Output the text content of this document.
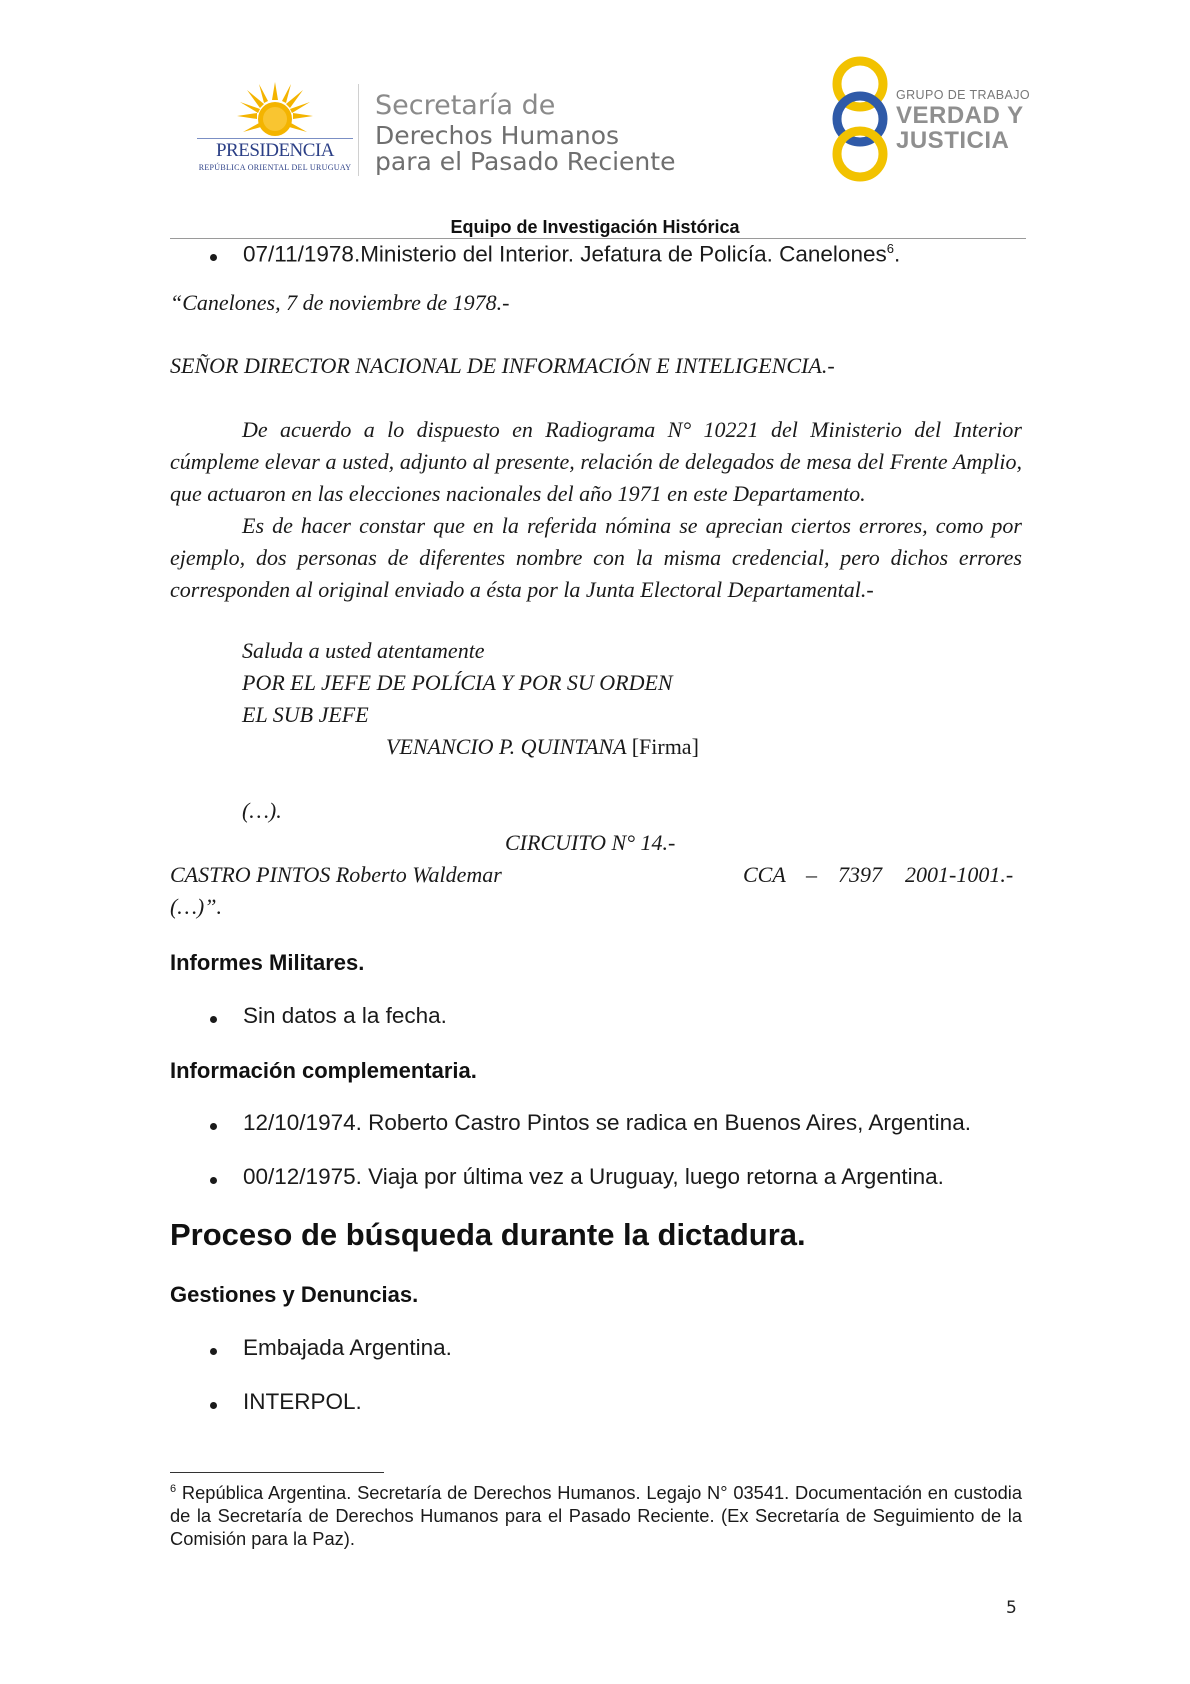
PRESIDENCIA
REPÚBLICA ORIENTAL DEL URUGUAY
Secretaría de
Derechos Humanos
para el Pasado Reciente
GRUPO DE TRABAJO
VERDAD Y
JUSTICIA
Equipo de Investigación Histórica
07/11/1978.Ministerio del Interior. Jefatura de Policía. Canelones$^6$.
“Canelones, 7 de noviembre de 1978.-
SEÑOR DIRECTOR NACIONAL DE INFORMACIÓN E INTELIGENCIA.-
De acuerdo a lo dispuesto en Radiograma N° 10221 del Ministerio del Interior cúmpleme elevar a usted, adjunto al presente, relación de delegados de mesa del Frente Amplio, que actuaron en las elecciones nacionales del año 1971 en este Departamento.
Es de hacer constar que en la referida nómina se aprecian ciertos errores, como por ejemplo, dos personas de diferentes nombre con la misma credencial, pero dichos errores corresponden al original enviado a ésta por la Junta Electoral Departamental.-
Saluda a usted atentamente
POR EL JEFE DE POLÍCIA Y POR SU ORDEN
EL SUB JEFE
VENANCIO P. QUINTANA [Firma]
(…).
CIRCUITO N° 14.-
CASTRO PINTOS Roberto Waldemar	CCA – 7397 2001-1001.-
(…)”.
Informes Militares.
Sin datos a la fecha.
Información complementaria.
12/10/1974. Roberto Castro Pintos se radica en Buenos Aires, Argentina.
00/12/1975. Viaja por última vez a Uruguay, luego retorna a Argentina.
Proceso de búsqueda durante la dictadura.
Gestiones y Denuncias.
Embajada Argentina.
INTERPOL.
$^6$ República Argentina. Secretaría de Derechos Humanos. Legajo N° 03541. Documentación en custodia de la Secretaría de Derechos Humanos para el Pasado Reciente. (Ex Secretaría de Seguimiento de la Comisión para la Paz).
5
